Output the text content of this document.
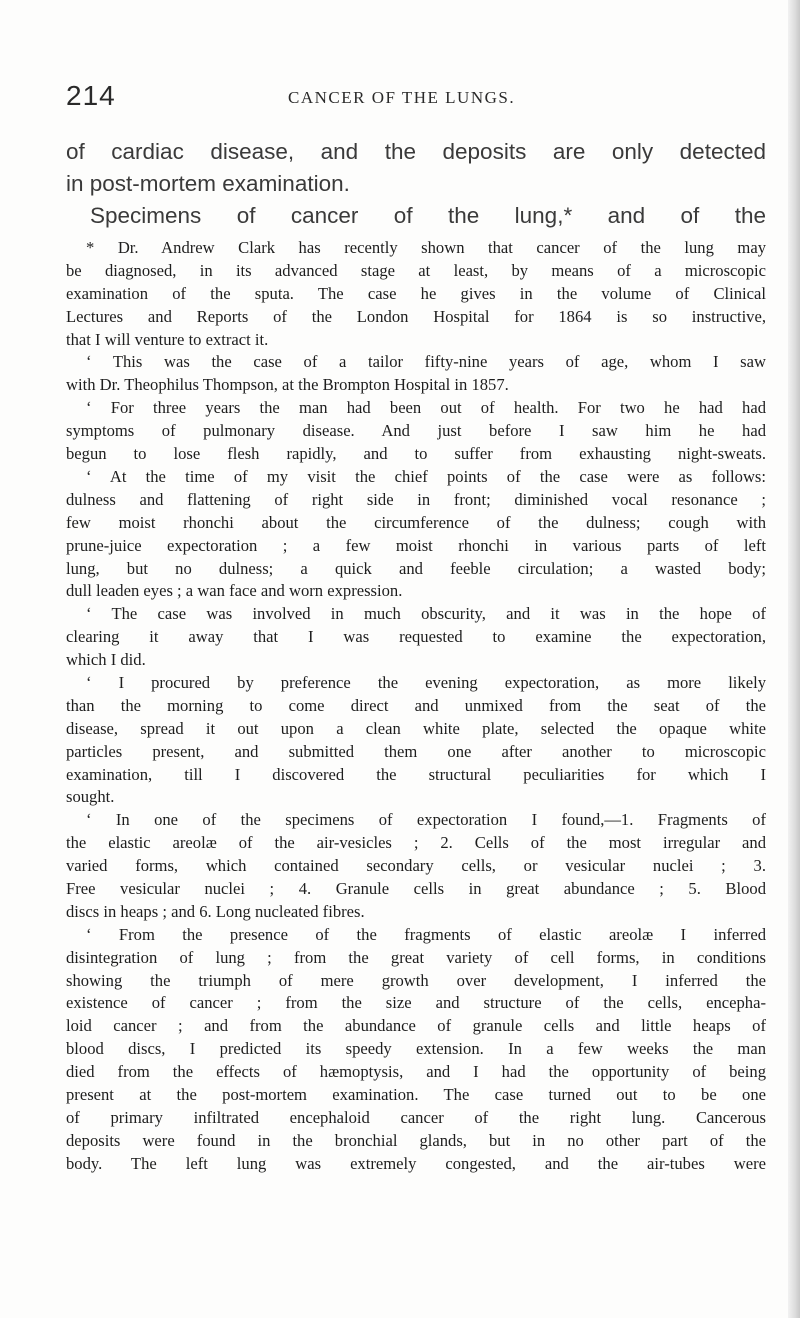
214	CANCER OF THE LUNGS.
of cardiac disease, and the deposits are only detected
in post-mortem examination.
Specimens of cancer of the lung,* and of the
* Dr. Andrew Clark has recently shown that cancer of the lung may
be diagnosed, in its advanced stage at least, by means of a microscopic
examination of the sputa. The case he gives in the volume of Clinical
Lectures and Reports of the London Hospital for 1864 is so instructive,
that I will venture to extract it.
‘ This was the case of a tailor fifty-nine years of age, whom I saw
with Dr. Theophilus Thompson, at the Brompton Hospital in 1857.
‘ For three years the man had been out of health. For two he had had
symptoms of pulmonary disease. And just before I saw him he had
begun to lose flesh rapidly, and to suffer from exhausting night-sweats.
‘ At the time of my visit the chief points of the case were as follows:
dulness and flattening of right side in front; diminished vocal resonance ;
few moist rhonchi about the circumference of the dulness; cough with
prune-juice expectoration ; a few moist rhonchi in various parts of left
lung, but no dulness; a quick and feeble circulation; a wasted body;
dull leaden eyes ; a wan face and worn expression.
‘ The case was involved in much obscurity, and it was in the hope of
clearing it away that I was requested to examine the expectoration,
which I did.
‘ I procured by preference the evening expectoration, as more likely
than the morning to come direct and unmixed from the seat of the
disease, spread it out upon a clean white plate, selected the opaque white
particles present, and submitted them one after another to microscopic
examination, till I discovered the structural peculiarities for which I
sought.
‘ In one of the specimens of expectoration I found,—1. Fragments of
the elastic areolæ of the air-vesicles ; 2. Cells of the most irregular and
varied forms, which contained secondary cells, or vesicular nuclei ; 3.
Free vesicular nuclei ; 4. Granule cells in great abundance ; 5. Blood
discs in heaps ; and 6. Long nucleated fibres.
‘ From the presence of the fragments of elastic areolæ I inferred
disintegration of lung ; from the great variety of cell forms, in conditions
showing the triumph of mere growth over development, I inferred the
existence of cancer ; from the size and structure of the cells, encepha-
loid cancer ; and from the abundance of granule cells and little heaps of
blood discs, I predicted its speedy extension. In a few weeks the man
died from the effects of hæmoptysis, and I had the opportunity of being
present at the post-mortem examination. The case turned out to be one
of primary infiltrated encephaloid cancer of the right lung. Cancerous
deposits were found in the bronchial glands, but in no other part of the
body. The left lung was extremely congested, and the air-tubes were
